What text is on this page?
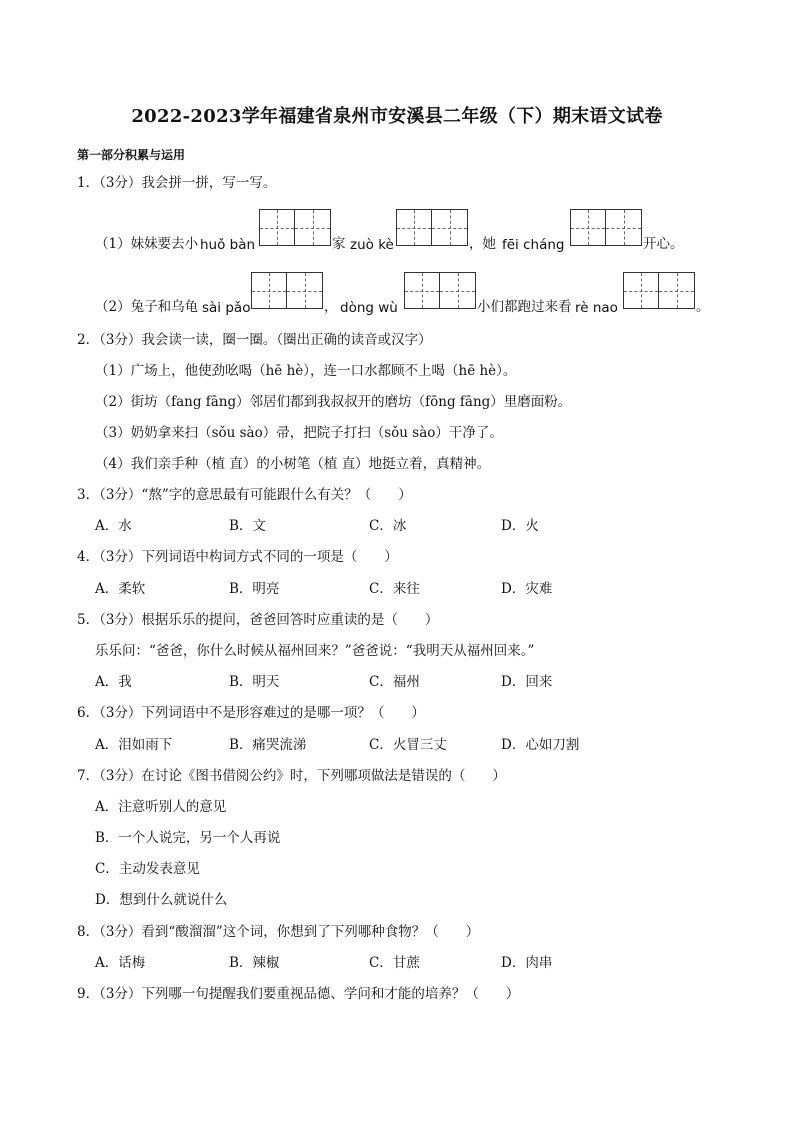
2022-2023学年福建省泉州市安溪县二年级（下）期末语文试卷
第一部分积累与运用
1．（3分）我会拼一拼，写一写。
（1）妹妹要去小 huǒ bàn	家 zuò kè	，她 fēi cháng	开心。
（2）兔子和乌龟 sài pǎo	， dòng wù	小们都跑过来看 rè nao	。
2．（3分）我会读一读，圈一圈。（圈出正确的读音或汉字）
（1）广场上，他使劲吆喝（hē hè），连一口水都顾不上喝（hē hè）。
（2）街坊（fang fāng）邻居们都到我叔叔开的磨坊（fōng fāng）里磨面粉。
（3）奶奶拿来扫（sǒu sào）帚，把院子打扫（sǒu sào）干净了。
（4）我们亲手种（植 直）的小树笔（植 直）地挺立着，真精神。
3．（3分）“熬”字的意思最有可能跟什么有关？（　　）
A．水	B．文	C．冰	D．火
4．（3分）下列词语中构词方式不同的一项是（　　）
A．柔软	B．明亮	C．来往	D．灾难
5．（3分）根据乐乐的提问，爸爸回答时应重读的是（　　）
乐乐问：“爸爸，你什么时候从福州回来？”爸爸说：“我明天从福州回来。”
A．我	B．明天	C．福州	D．回来
6．（3分）下列词语中不是形容难过的是哪一项？（　　）
A．泪如雨下	B．痛哭流涕	C．火冒三丈	D．心如刀割
7．（3分）在讨论《图书借阅公约》时，下列哪项做法是错误的（　　）
A．注意听别人的意见
B．一个人说完，另一个人再说
C．主动发表意见
D．想到什么就说什么
8．（3分）看到“酸溜溜”这个词，你想到了下列哪种食物？（　　）
A．话梅	B．辣椒	C．甘蔗	D．肉串
9．（3分）下列哪一句提醒我们要重视品德、学问和才能的培养？（　　）
